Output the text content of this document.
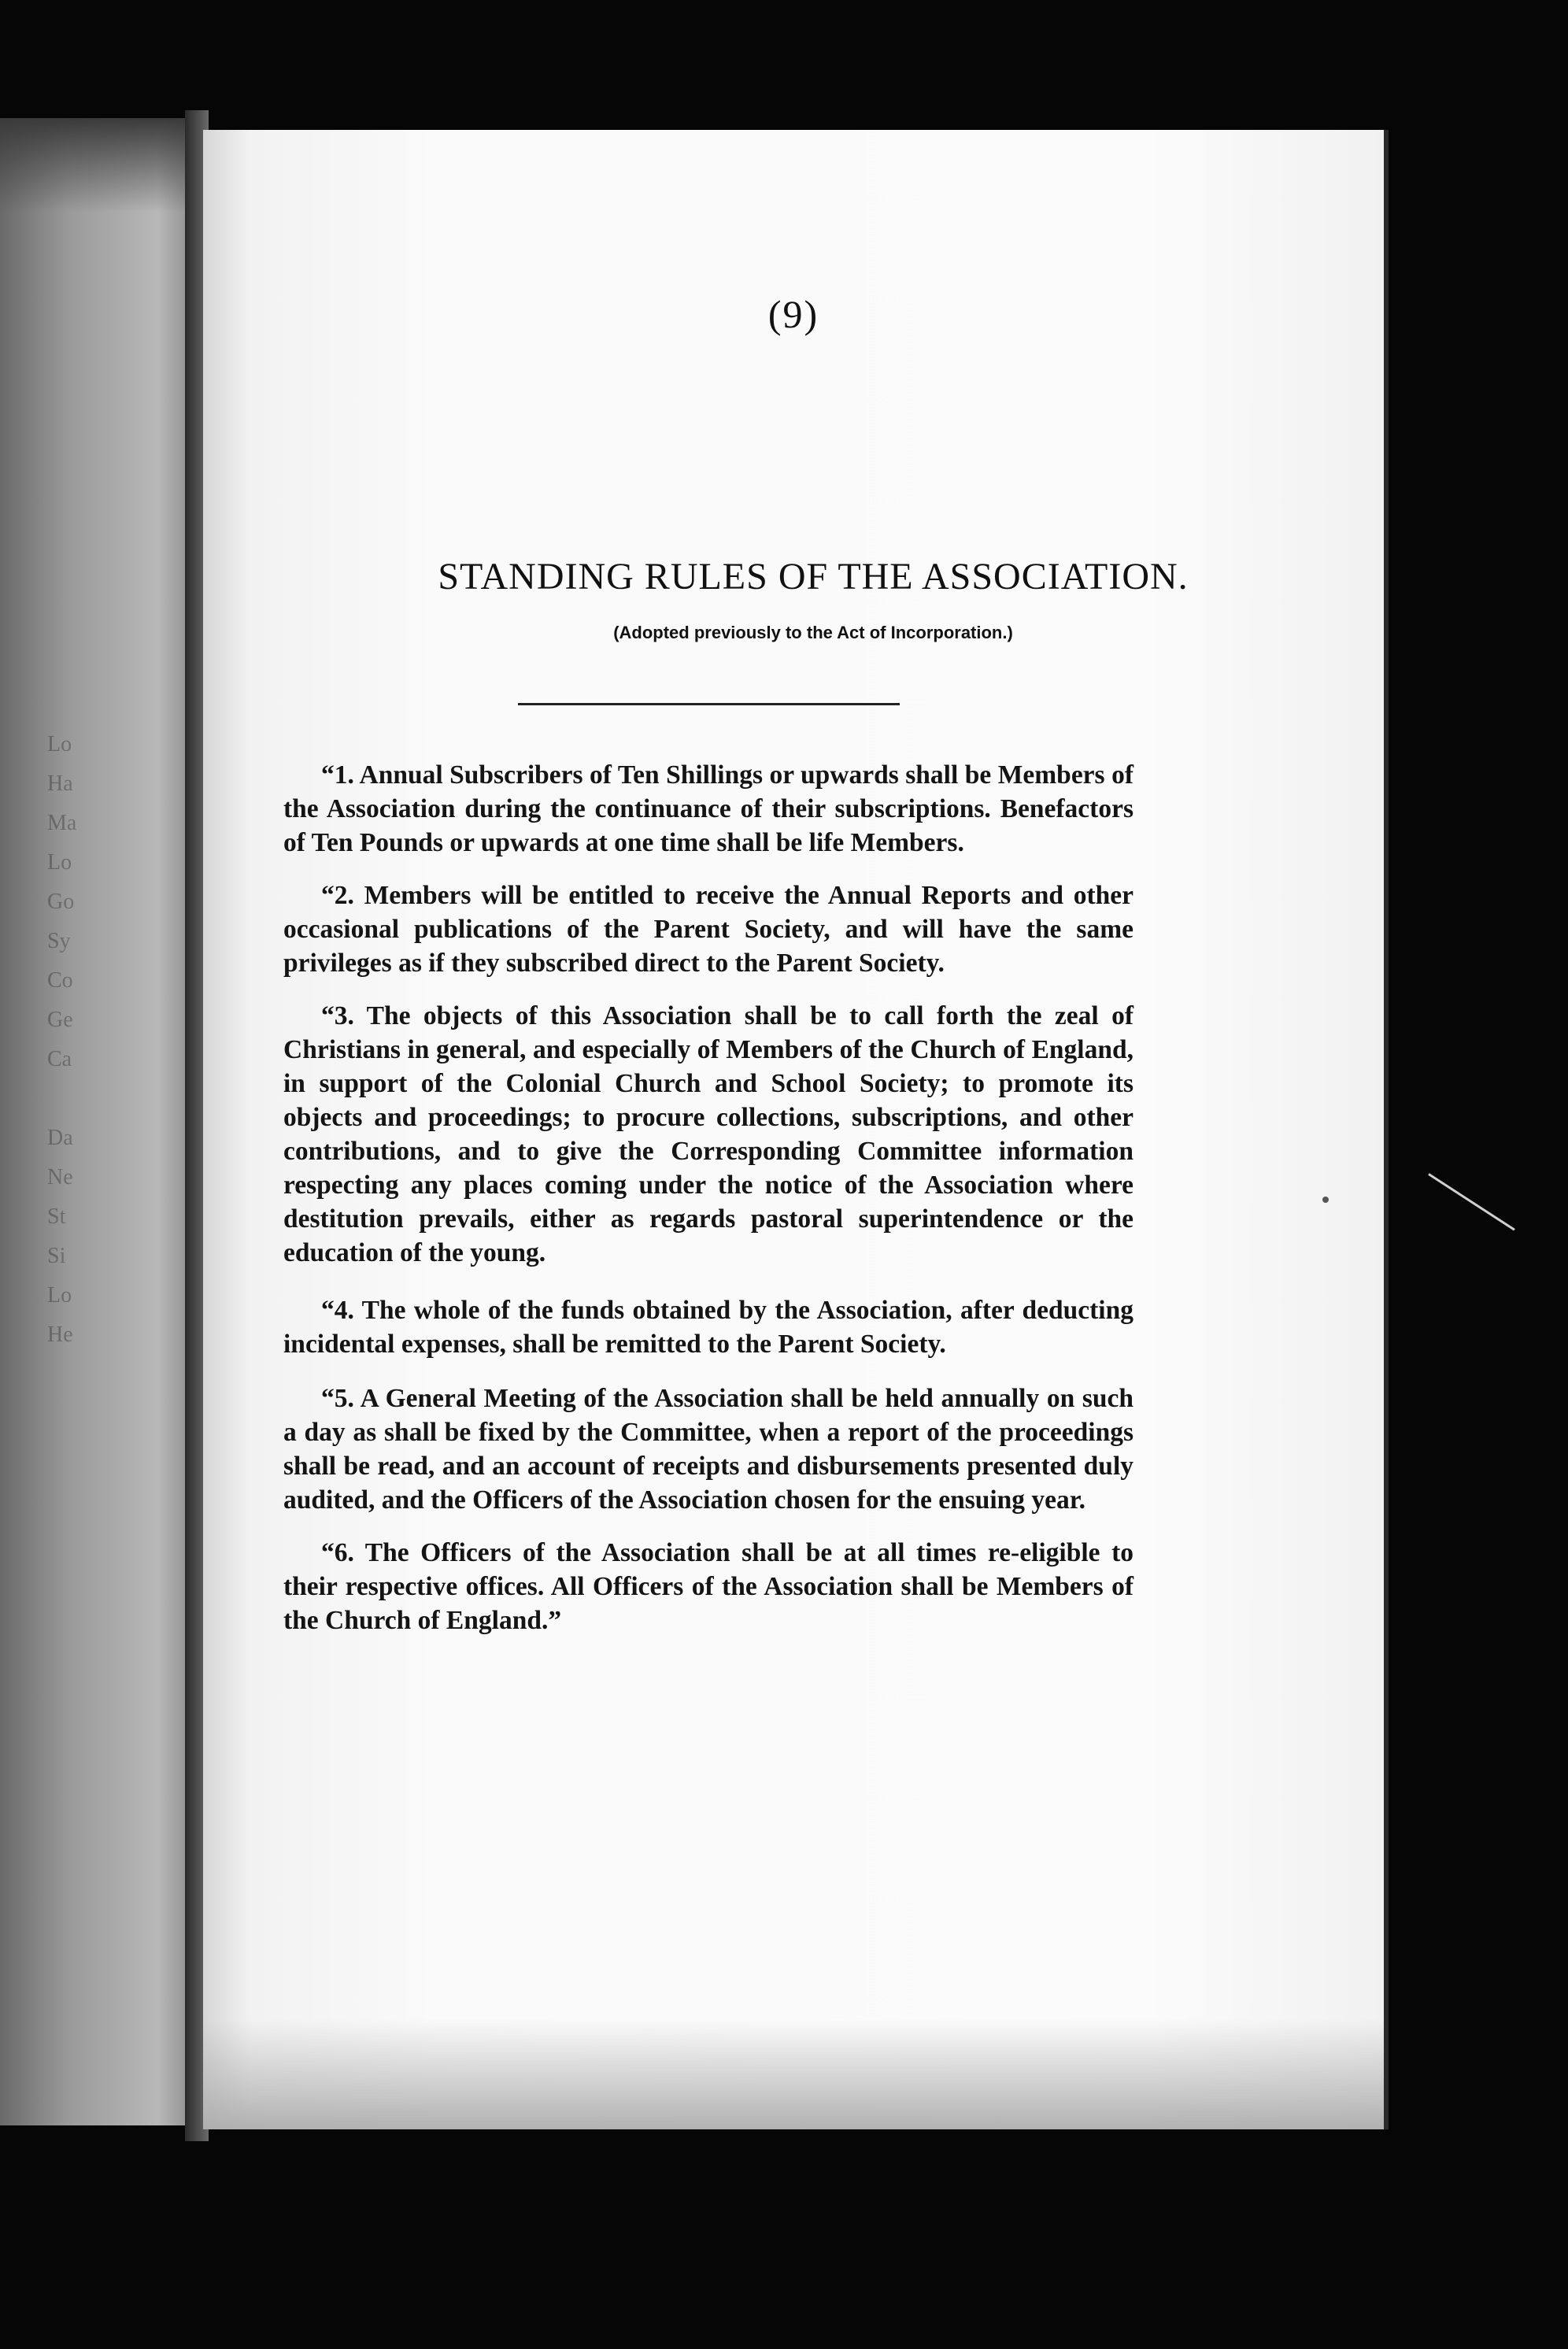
Lo
Ha
Ma
Lo
Go
Sy
Co
Ge
Ca
Da
Ne
St
Si
Lo
He

(9)
STANDING RULES OF THE ASSOCIATION.
(Adopted previously to the Act of Incorporation.)

“1. Annual Subscribers of Ten Shillings or upwards shall be Members of the Association during the continuance of their subscriptions. Benefactors of Ten Pounds or upwards at one time shall be life Members.

“2. Members will be entitled to receive the Annual Reports and other occasional publications of the Parent Society, and will have the same privileges as if they subscribed direct to the Parent Society.

“3. The objects of this Association shall be to call forth the zeal of Christians in general, and especially of Members of the Church of England, in support of the Colonial Church and School Society; to promote its objects and proceedings; to procure collections, subscriptions, and other contributions, and to give the Corresponding Committee information respecting any places coming under the notice of the Association where destitution prevails, either as regards pastoral superintendence or the education of the young.

“4. The whole of the funds obtained by the Association, after deducting incidental expenses, shall be remitted to the Parent Society.

“5. A General Meeting of the Association shall be held annually on such a day as shall be fixed by the Committee, when a report of the proceedings shall be read, and an account of receipts and disbursements presented duly audited, and the Officers of the Association chosen for the ensuing year.

“6. The Officers of the Association shall be at all times re-eligible to their respective offices. All Officers of the Association shall be Members of the Church of England.”
